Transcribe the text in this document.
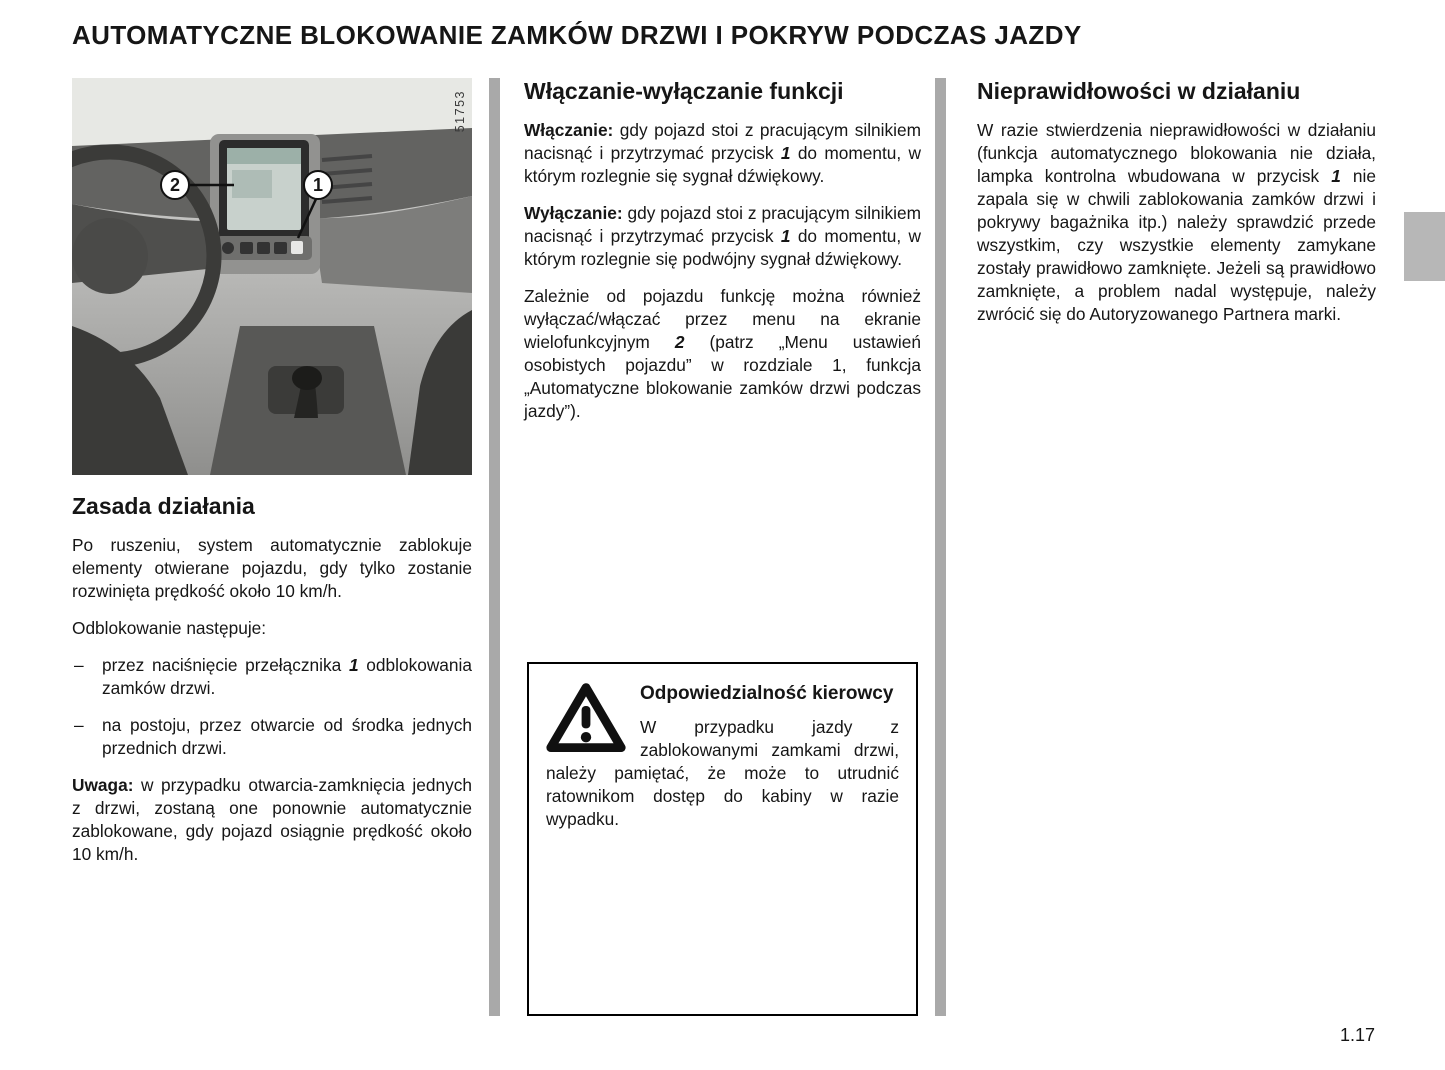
AUTOMATYCZNE BLOKOWANIE ZAMKÓW DRZWI I POKRYW PODCZAS JAZDY
2	1
51753
Zasada działania

Po ruszeniu, system automatycznie zablokuje elementy otwierane pojazdu, gdy tylko zostanie rozwinięta prędkość około 10 km/h.

Odblokowanie następuje:

– przez naciśnięcie przełącznika 1 odblokowania zamków drzwi.

– na postoju, przez otwarcie od środka jednych przednich drzwi.

Uwaga: w przypadku otwarcia-zamknięcia jednych z drzwi, zostaną one ponownie automatycznie zablokowane, gdy pojazd osiągnie prędkość około 10 km/h.

Włączanie-wyłączanie funkcji

Włączanie: gdy pojazd stoi z pracującym silnikiem nacisnąć i przytrzymać przycisk 1 do momentu, w którym rozlegnie się sygnał dźwiękowy.

Wyłączanie: gdy pojazd stoi z pracującym silnikiem nacisnąć i przytrzymać przycisk 1 do momentu, w którym rozlegnie się podwójny sygnał dźwiękowy.

Zależnie od pojazdu funkcję można również wyłączać/włączać przez menu na ekranie wielofunkcyjnym 2 (patrz „Menu ustawień osobistych pojazdu” w rozdziale 1, funkcja „Automatyczne blokowanie zamków drzwi podczas jazdy”).

Odpowiedzialność kierowcy

W przypadku jazdy z zablokowanymi zamkami drzwi, należy pamiętać, że może to utrudnić ratownikom dostęp do kabiny w razie wypadku.

Nieprawidłowości w działaniu

W razie stwierdzenia nieprawidłowości w działaniu (funkcja automatycznego blokowania nie działa, lampka kontrolna wbudowana w przycisk 1 nie zapala się w chwili zablokowania zamków drzwi i pokrywy bagażnika itp.) należy sprawdzić przede wszystkim, czy wszystkie elementy zamykane zostały prawidłowo zamknięte. Jeżeli są prawidłowo zamknięte, a problem nadal występuje, należy zwrócić się do Autoryzowanego Partnera marki.

1.17
